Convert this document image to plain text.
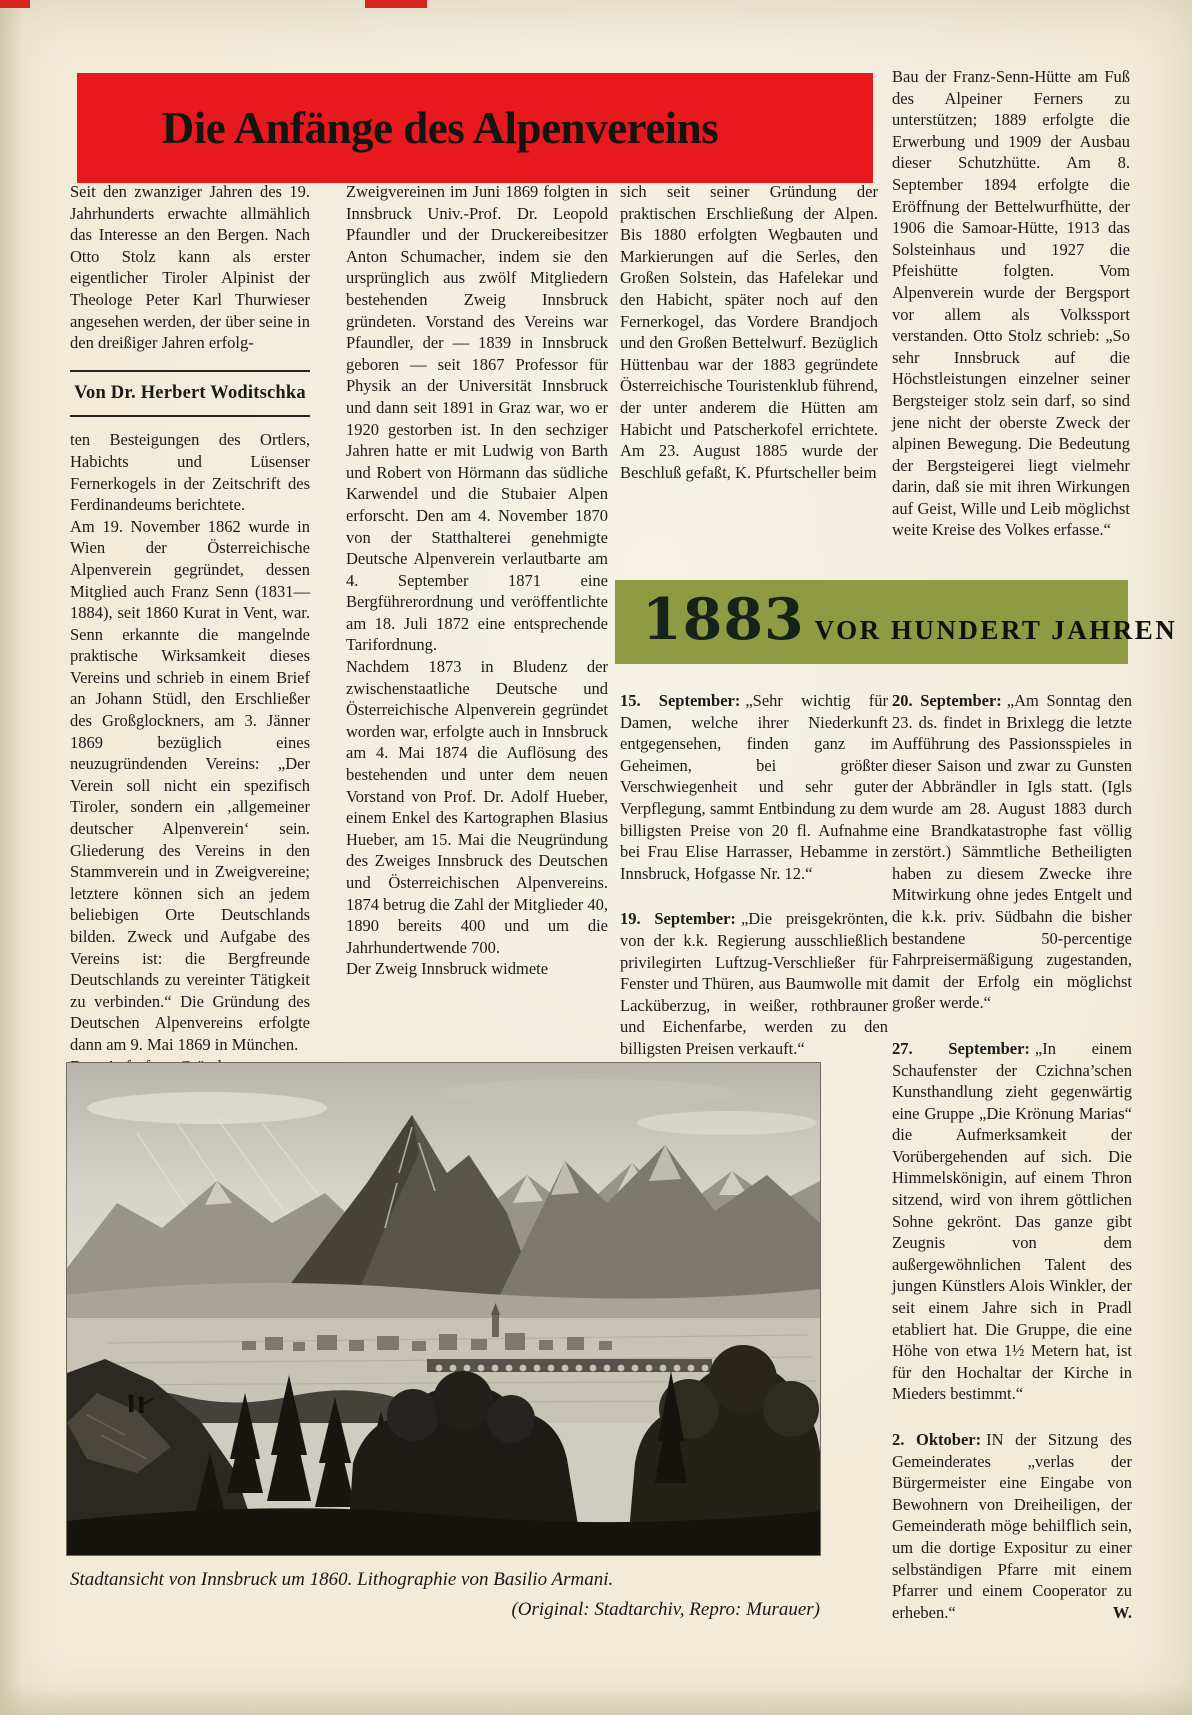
Die Anfänge des Alpenvereins

Seit den zwanziger Jahren des 19. Jahrhunderts erwachte allmählich das Interesse an den Bergen. Nach Otto Stolz kann als erster eigentlicher Tiroler Alpinist der Theologe Peter Karl Thurwieser angesehen werden, der über seine in den dreißiger Jahren erfolg-

Von Dr. Herbert Woditschka

ten Besteigungen des Ortlers, Habichts und Lüsenser Fernerkogels in der Zeitschrift des Ferdinandeums berichtete.

Am 19. November 1862 wurde in Wien der Österreichische Alpenverein gegründet, dessen Mitglied auch Franz Senn (1831—1884), seit 1860 Kurat in Vent, war. Senn erkannte die mangelnde praktische Wirksamkeit dieses Vereins und schrieb in einem Brief an Johann Stüdl, den Erschließer des Großglockners, am 3. Jänner 1869 bezüglich eines neuzugründenden Vereins: „Der Verein soll nicht ein spezifisch Tiroler, sondern ein ‚allgemeiner deutscher Alpenverein‘ sein. Gliederung des Vereins in den Stammverein und in Zweigvereine; letztere können sich an jedem beliebigen Orte Deutschlands bilden. Zweck und Aufgabe des Vereins ist: die Bergfreunde Deutschlands zu vereinter Tätigkeit zu verbinden.“ Die Gründung des Deutschen Alpenvereins erfolgte dann am 9. Mai 1869 in München.

Zweigvereinen im Juni 1869 folgten in Innsbruck Univ.-Prof. Dr. Leopold Pfaundler und der Druckereibesitzer Anton Schumacher, indem sie den ursprünglich aus zwölf Mitgliedern bestehenden Zweig Innsbruck gründeten. Vorstand des Vereins war Pfaundler, der — 1839 in Innsbruck geboren — seit 1867 Professor für Physik an der Universität Innsbruck und dann seit 1891 in Graz war, wo er 1920 gestorben ist. In den sechziger Jahren hatte er mit Ludwig von Barth und Robert von Hörmann das südliche Karwendel und die Stubaier Alpen erforscht. Den am 4. November 1870 von der Statthalterei genehmigte Deutsche Alpenverein verlautbarte am 4. September 1871 eine Bergführerordnung und veröffentlichte am 18. Juli 1872 eine entsprechende Tarifordnung.

Nachdem 1873 in Bludenz der zwischenstaatliche Deutsche und Österreichische Alpenverein gegründet worden war, erfolgte auch in Innsbruck am 4. Mai 1874 die Auflösung des bestehenden und unter dem neuen Vorstand von Prof. Dr. Adolf Hueber, einem Enkel des Kartographen Blasius Hueber, am 15. Mai die Neugründung des Zweiges Innsbruck des Deutschen und Österreichischen Alpenvereins. 1874 betrug die Zahl der Mitglieder 40, 1890 bereits 400 und um die Jahrhundertwende 700.

Der Zweig Innsbruck widmete

sich seit seiner Gründung der praktischen Erschließung der Alpen. Bis 1880 erfolgten Wegbauten und Markierungen auf die Serles, den Großen Solstein, das Hafelekar und den Habicht, später noch auf den Fernerkogel, das Vordere Brandjoch und den Großen Bettelwurf. Bezüglich Hüttenbau war der 1883 gegründete Österreichische Touristenklub führend, der unter anderem die Hütten am Habicht und Patscherkofel errichtete. Am 23. August 1885 wurde der Beschluß gefaßt, K. Pfurtscheller beim

Bau der Franz-Senn-Hütte am Fuß des Alpeiner Ferners zu unterstützen; 1889 erfolgte die Erwerbung und 1909 der Ausbau dieser Schutzhütte. Am 8. September 1894 erfolgte die Eröffnung der Bettelwurfhütte, der 1906 die Samoar-Hütte, 1913 das Solsteinhaus und 1927 die Pfeishütte folgten. Vom Alpenverein wurde der Bergsport vor allem als Volkssport verstanden. Otto Stolz schrieb: „So sehr Innsbruck auf die Höchstleistungen einzelner seiner Bergsteiger stolz sein darf, so sind jene nicht der oberste Zweck der alpinen Bewegung. Die Bedeutung der Bergsteigerei liegt vielmehr darin, daß sie mit ihren Wirkungen auf Geist, Wille und Leib möglichst weite Kreise des Volkes erfasse.“

1883 VOR HUNDERT JAHREN

15. September: „Sehr wichtig für Damen, welche ihrer Niederkunft entgegensehen, finden ganz im Geheimen, bei größter Verschwiegenheit und sehr guter Verpflegung, sammt Entbindung zu dem billigsten Preise von 20 fl. Aufnahme bei Frau Elise Harrasser, Hebamme in Innsbruck, Hofgasse Nr. 12.“

19. September: „Die preisgekrönten, von der k.k. Regierung ausschließlich privilegirten Luftzug-Verschließer für Fenster und Thüren, aus Baumwolle mit Lacküberzug, in weißer, rothbrauner und Eichenfarbe, werden zu den billigsten Preisen verkauft.“

20. September: „Am Sonntag den 23. ds. findet in Brixlegg die letzte Aufführung des Passionsspieles in dieser Saison und zwar zu Gunsten der Abbrändler in Igls statt. (Igls wurde am 28. August 1883 durch eine Brandkatastrophe fast völlig zerstört.) Sämmtliche Betheiligten haben zu diesem Zwecke ihre Mitwirkung ohne jedes Entgelt und die k.k. priv. Südbahn die bisher bestandene 50-percentige Fahrpreisermäßigung zugestanden, damit der Erfolg ein möglichst großer werde.“

27. September: „In einem Schaufenster der Czichna’schen Kunsthandlung zieht gegenwärtig eine Gruppe „Die Krönung Marias“ die Aufmerksamkeit der Vorübergehenden auf sich. Die Himmelskönigin, auf einem Thron sitzend, wird von ihrem göttlichen Sohne gekrönt. Das ganze gibt Zeugnis von dem außergewöhnlichen Talent des jungen Künstlers Alois Winkler, der seit einem Jahre sich in Pradl etabliert hat. Die Gruppe, die eine Höhe von etwa 1½ Metern hat, ist für den Hochaltar der Kirche in Mieders bestimmt.“

2. Oktober: IN der Sitzung des Gemeinderates „verlas der Bürgermeister eine Eingabe von Bewohnern von Dreiheiligen, der Gemeinderath möge behilflich sein, um die dortige Expositur zu einer selbständigen Pfarre mit einem Pfarrer und einem Cooperator zu erheben.“	W.

Stadtansicht von Innsbruck um 1860. Lithographie von Basilio Armani.
(Original: Stadtarchiv, Repro: Murauer)
